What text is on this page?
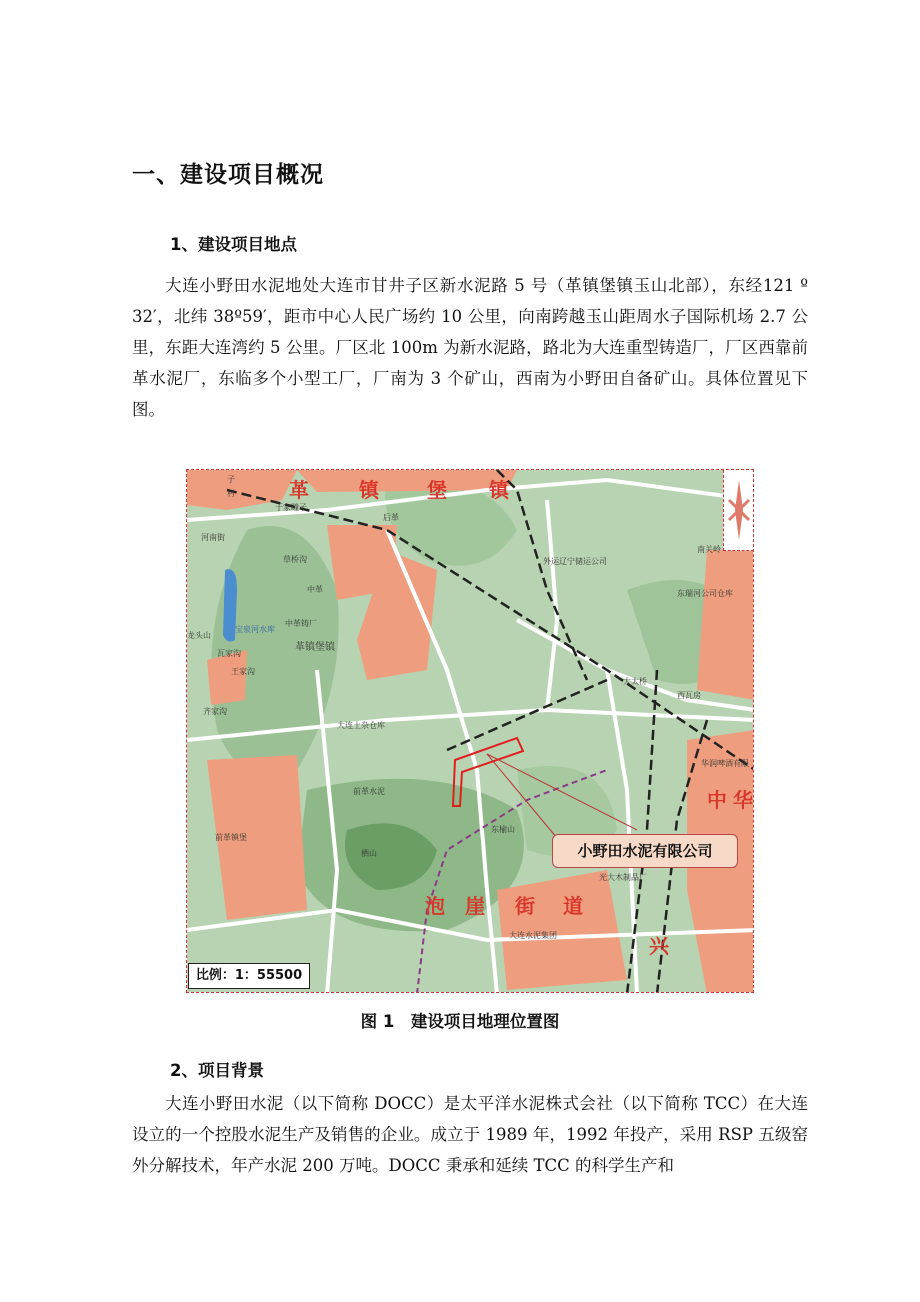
一、建设项目概况
1、建设项目地点

大连小野田水泥地处大连市甘井子区新水泥路 5 号（革镇堡镇玉山北部），东经121 º 32′，北纬 38º59′，距市中心人民广场约 10 公里，向南跨越玉山距周水子国际机场 2.7 公里，东距大连湾约 5 公里。厂区北 100m 为新水泥路，路北为大连重型铸造厂，厂区西靠前革水泥厂，东临多个小型工厂，厂南为 3 个矿山，西南为小野田自备矿山。具体位置见下图。

革	镇 堡 镇
泡 崖 街 道
中 华
兴
子
村
于家疃子
后革
河南街
草桥沟
中革
龙头山
瓦家沟
王家沟
革镇堡镇
齐家沟
大连土杂仓库
前革水泥
前革镇堡
栖山
东榆山
光大木制品厂
大连水泥集团
大太桥
西瓦房
南关岭
东瑞河公司仓库
华润啤酒有限
外运辽宁储运公司
中革铸厂
宝泉河水库
小野田水泥有限公司
比例：1：55500
图 1　建设项目地理位置图
2、项目背景

大连小野田水泥（以下简称 DOCC）是太平洋水泥株式会社（以下简称 TCC）在大连设立的一个控股水泥生产及销售的企业。成立于 1989 年，1992 年投产，采用 RSP 五级窑外分解技术，年产水泥 200 万吨。DOCC 秉承和延续 TCC 的科学生产和
